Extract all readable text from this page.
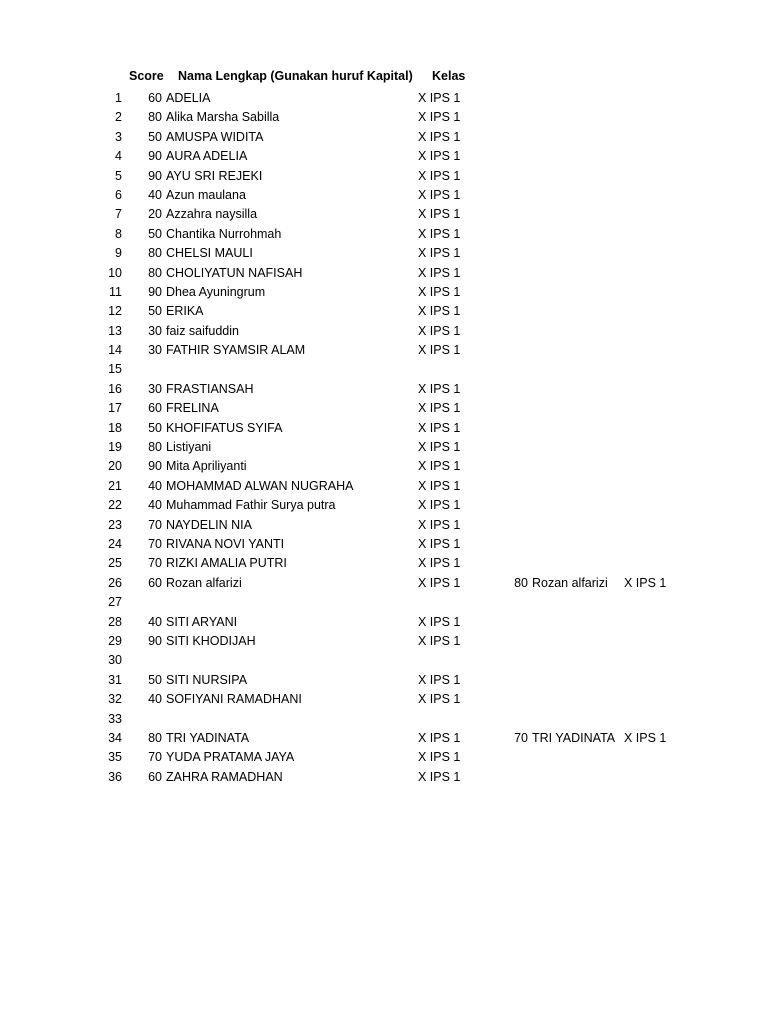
Score Nama Lengkap (Gunakan huruf Kapital) Kelas
1	60 ADELIA	X IPS 1
2	80 Alika Marsha Sabilla	X IPS 1
3	50 AMUSPA WIDITA	X IPS 1
4	90 AURA ADELIA	X IPS 1
5	90 AYU SRI REJEKI	X IPS 1
6	40 Azun maulana	X IPS 1
7	20 Azzahra naysilla	X IPS 1
8	50 Chantika Nurrohmah	X IPS 1
9	80 CHELSI MAULI	X IPS 1
10	80 CHOLIYATUN NAFISAH	X IPS 1
11	90 Dhea Ayuningrum	X IPS 1
12	50 ERIKA	X IPS 1
13	30 faiz saifuddin	X IPS 1
14	30 FATHIR SYAMSIR ALAM	X IPS 1
15
16	30 FRASTIANSAH	X IPS 1
17	60 FRELINA	X IPS 1
18	50 KHOFIFATUS SYIFA	X IPS 1
19	80 Listiyani	X IPS 1
20	90 Mita Apriliyanti	X IPS 1
21	40 MOHAMMAD ALWAN NUGRAHA	X IPS 1
22	40 Muhammad Fathir Surya putra	X IPS 1
23	70 NAYDELIN NIA	X IPS 1
24	70 RIVANA NOVI YANTI	X IPS 1
25	70 RIZKI AMALIA PUTRI	X IPS 1
26	60 Rozan alfarizi	X IPS 1	80 Rozan alfarizi X IPS 1
27
28	40 SITI ARYANI	X IPS 1
29	90 SITI KHODIJAH	X IPS 1
30
31	50 SITI NURSIPA	X IPS 1
32	40 SOFIYANI RAMADHANI	X IPS 1
33
34	80 TRI YADINATA	X IPS 1	70 TRI YADINATA X IPS 1
35	70 YUDA PRATAMA JAYA	X IPS 1
36	60 ZAHRA RAMADHAN	X IPS 1
